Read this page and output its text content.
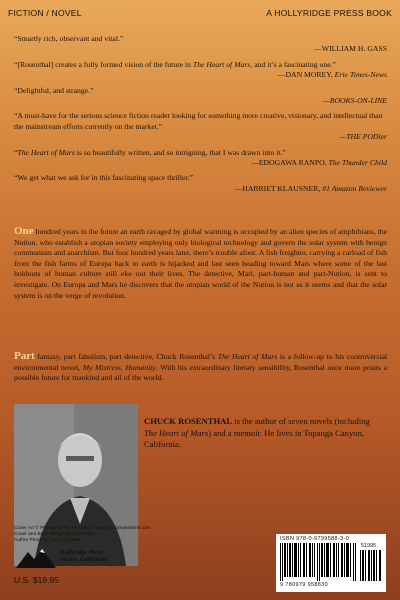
FICTION / NOVEL	A HOLLYRIDGE PRESS BOOK
“Smartly rich, observant and vital.”
—WILLIAM H. GASS
“[Rosenthal] creates a fully formed vision of the future in The Heart of Mars, and it’s a fascinating one.”
—DAN MOREY, Erie Times-News
“Delightful, and strange.”
—BOOKS-ON-LINE
“A must-have for the serious science fiction reader looking for something more creative, visionary, and intellectual than the mainstream efforts currently on the market.”
—THE PODler
“The Heart of Mars is so beautifully written, and so intriguing, that I was drawn into it.”
—EDOGAWA RANPO, The Thunder Child
“We get what we ask for in this fascinating space thriller.”
—HARRIET KLAUSNER, #1 Amazon Reviewer
One hundred years in the future an earth ravaged by global warming is occupied by an alien species of amphibians, the Nution, who establish a utopian society employing only biological technology and govern the solar system with benign communism and anarchism. But four hundred years later, there’s trouble afoot. A fish freighter, carrying a carload of fish from the fish farms of Europa back to earth is hijacked and last seen heading toward Mars where some of the last holdouts of human culture still eke out their lives. The detective, Marl, part-human and part-Nution, is sent to investigate. On Europa and Mars he discovers that the utopian world of the Nution is not as it seems and that the solar system is on the verge of revolution.
Part fantasy, part fabulism, part detective, Chuck Rosenthal’s The Heart of Mars is a follow-up to his controversial environmental novel, My Mistress, Humanity. With his extraordinary literary sensibility, Rosenthal once more posits a possible future for mankind and all of the world.
CHUCK ROSENTHAL is the author of seven novels (including The Heart of Mars) and a memoir. He lives in Topanga Canyon, California.
Cover Art © Photographer: Ferderich | Agency: Dreamstime.com
Cover and Book Design by Rio Smyth
Author Photo by Gary Goldstein
Hollyridge Press
Venice, California
U.S. $19.95
ISBN 978-0-9799588-3-0
51995
9 780979 958830
